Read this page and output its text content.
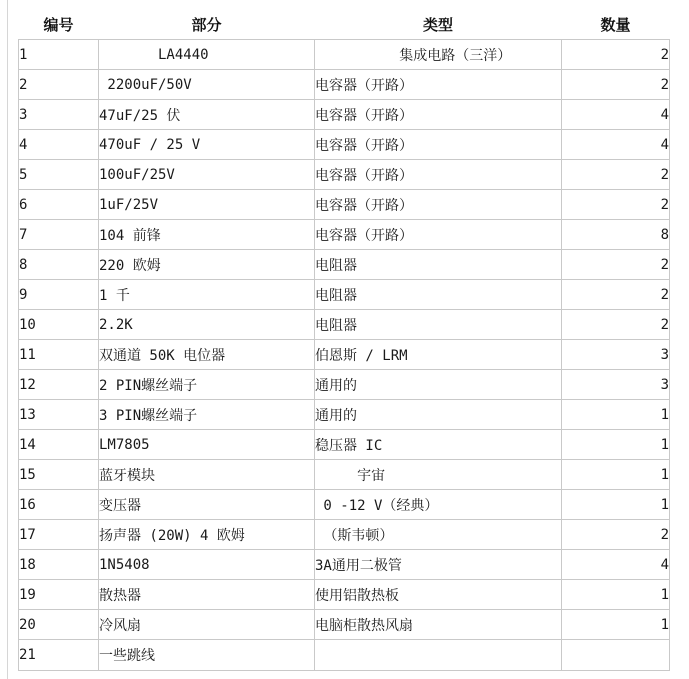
编号	部分	类型	数量
1	LA4440	集成电路（三洋）	2
2	2200uF/50V	电容器（开路）	2
3	47uF/25 伏	电容器（开路）	4
4	470uF / 25 V	电容器（开路）	4
5	100uF/25V	电容器（开路）	2
6	1uF/25V	电容器（开路）	2
7	104 前锋	电容器（开路）	8
8	220 欧姆	电阻器	2
9	1 千	电阻器	2
10	2.2K	电阻器	2
11	双通道 50K 电位器	伯恩斯 / LRM	3
12	2 PIN螺丝端子	通用的	3
13	3 PIN螺丝端子	通用的	1
14	LM7805	稳压器 IC	1
15	蓝牙模块	宇宙	1
16	变压器	0 -12 V（经典）	1
17	扬声器 (20W) 4 欧姆	（斯韦顿）	2
18	1N5408	3A通用二极管	4
19	散热器	使用铝散热板	1
20	冷风扇	电脑柜散热风扇	1
21	一些跳线		
